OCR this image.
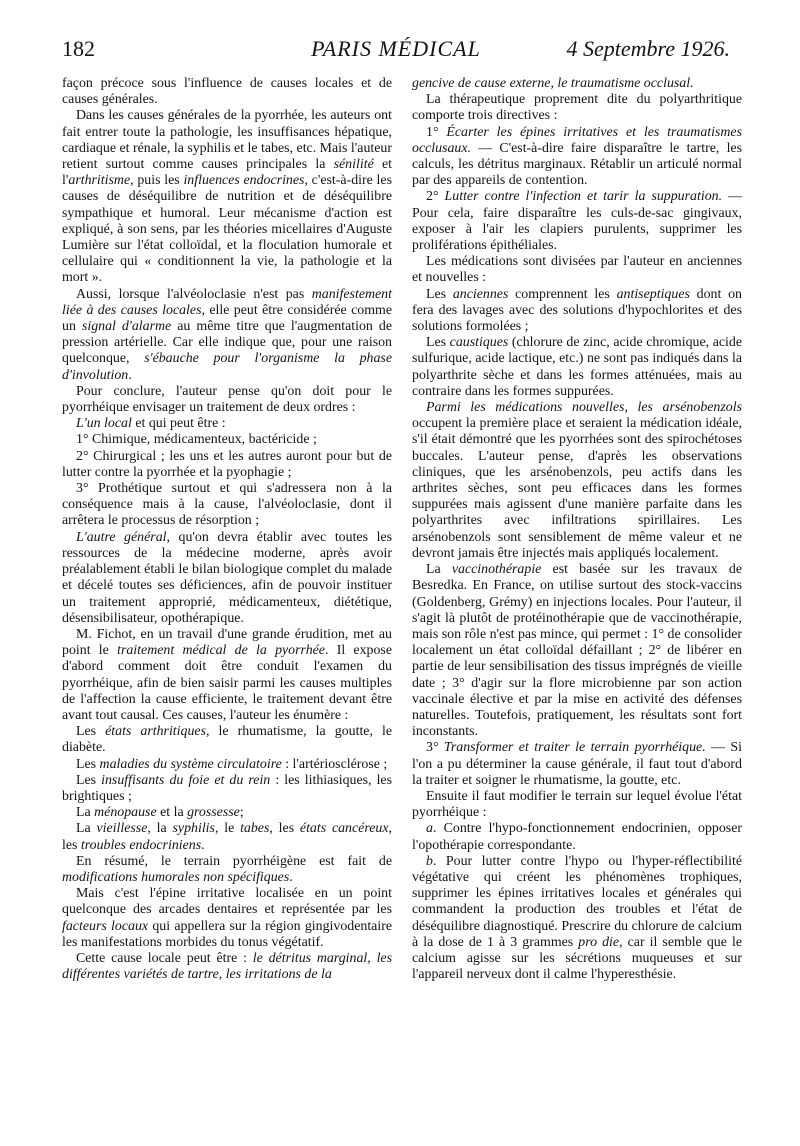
182	PARIS MÉDICAL	4 Septembre 1926.

façon précoce sous l'influence de causes locales et de causes générales.

Dans les causes générales de la pyorrhée, les auteurs ont fait entrer toute la pathologie, les insuffisances hépatique, cardiaque et rénale, la syphilis et le tabes, etc. Mais l'auteur retient surtout comme causes principales la sénilité et l'arthritisme, puis les influences endocrines, c'est-à-dire les causes de déséquilibre de nutrition et de déséquilibre sympathique et humoral. Leur mécanisme d'action est expliqué, à son sens, par les théories micellaires d'Auguste Lumière sur l'état colloïdal, et la floculation humorale et cellulaire qui « conditionnent la vie, la pathologie et la mort ».

Aussi, lorsque l'alvéoloclasie n'est pas manifestement liée à des causes locales, elle peut être considérée comme un signal d'alarme au même titre que l'augmentation de pression artérielle. Car elle indique que, pour une raison quelconque, s'ébauche pour l'organisme la phase d'involution.

Pour conclure, l'auteur pense qu'on doit pour le pyorrhéique envisager un traitement de deux ordres :

L'un local et qui peut être :

1° Chimique, médicamenteux, bactéricide ;

2° Chirurgical ; les uns et les autres auront pour but de lutter contre la pyorrhée et la pyophagie ;

3° Prothétique surtout et qui s'adressera non à la conséquence mais à la cause, l'alvéoloclasie, dont il arrêtera le processus de résorption ;

L'autre général, qu'on devra établir avec toutes les ressources de la médecine moderne, après avoir préalablement établi le bilan biologique complet du malade et décelé toutes ses déficiences, afin de pouvoir instituer un traitement approprié, médicamenteux, diététique, désensibilisateur, opothérapique.

M. Fichot, en un travail d'une grande érudition, met au point le traitement médical de la pyorrhée. Il expose d'abord comment doit être conduit l'examen du pyorrhéique, afin de bien saisir parmi les causes multiples de l'affection la cause efficiente, le traitement devant être avant tout causal. Ces causes, l'auteur les énumère :

Les états arthritiques, le rhumatisme, la goutte, le diabète.

Les maladies du système circulatoire : l'artériosclérose ;

Les insuffisants du foie et du rein : les lithiasiques, les brightiques ;

La ménopause et la grossesse;

La vieillesse, la syphilis, le tabes, les états cancéreux, les troubles endocriniens.

En résumé, le terrain pyorrhéigène est fait de modifications humorales non spécifiques.

Mais c'est l'épine irritative localisée en un point quelconque des arcades dentaires et représentée par les facteurs locaux qui appellera sur la région gingivodentaire les manifestations morbides du tonus végétatif.

Cette cause locale peut être : le détritus marginal, les différentes variétés de tartre, les irritations de la

gencive de cause externe, le traumatisme occlusal.

La thérapeutique proprement dite du polyarthritique comporte trois directives :

1° Écarter les épines irritatives et les traumatismes occlusaux. — C'est-à-dire faire disparaître le tartre, les calculs, les détritus marginaux. Rétablir un articulé normal par des appareils de contention.

2° Lutter contre l'infection et tarir la suppuration. — Pour cela, faire disparaître les culs-de-sac gingivaux, exposer à l'air les clapiers purulents, supprimer les proliférations épithéliales.

Les médications sont divisées par l'auteur en anciennes et nouvelles :

Les anciennes comprennent les antiseptiques dont on fera des lavages avec des solutions d'hypochlorites et des solutions formolées ;

Les caustiques (chlorure de zinc, acide chromique, acide sulfurique, acide lactique, etc.) ne sont pas indiqués dans la polyarthrite sèche et dans les formes atténuées, mais au contraire dans les formes suppurées.

Parmi les médications nouvelles, les arsénobenzols occupent la première place et seraient la médication idéale, s'il était démontré que les pyorrhées sont des spirochétoses buccales. L'auteur pense, d'après les observations cliniques, que les arsénobenzols, peu actifs dans les arthrites sèches, sont peu efficaces dans les formes suppurées mais agissent d'une manière parfaite dans les polyarthrites avec infiltrations spirillaires. Les arsénobenzols sont sensiblement de même valeur et ne devront jamais être injectés mais appliqués localement.

La vaccinothérapie est basée sur les travaux de Besredka. En France, on utilise surtout des stock-vaccins (Goldenberg, Grémy) en injections locales. Pour l'auteur, il s'agit là plutôt de protéinothérapie que de vaccinothérapie, mais son rôle n'est pas mince, qui permet : 1° de consolider localement un état colloïdal défaillant ; 2° de libérer en partie de leur sensibilisation des tissus imprégnés de vieille date ; 3° d'agir sur la flore microbienne par son action vaccinale élective et par la mise en activité des défenses naturelles. Toutefois, pratiquement, les résultats sont fort inconstants.

3° Transformer et traiter le terrain pyorrhéique. — Si l'on a pu déterminer la cause générale, il faut tout d'abord la traiter et soigner le rhumatisme, la goutte, etc.

Ensuite il faut modifier le terrain sur lequel évolue l'état pyorrhéique :

a. Contre l'hypo-fonctionnement endocrinien, opposer l'opothérapie correspondante.

b. Pour lutter contre l'hypo ou l'hyper-réflectibilité végétative qui créent les phénomènes trophiques, supprimer les épines irritatives locales et générales qui commandent la production des troubles et l'état de déséquilibre diagnostiqué. Prescrire du chlorure de calcium à la dose de 1 à 3 grammes pro die, car il semble que le calcium agisse sur les sécrétions muqueuses et sur l'appareil nerveux dont il calme l'hyperesthésie.
